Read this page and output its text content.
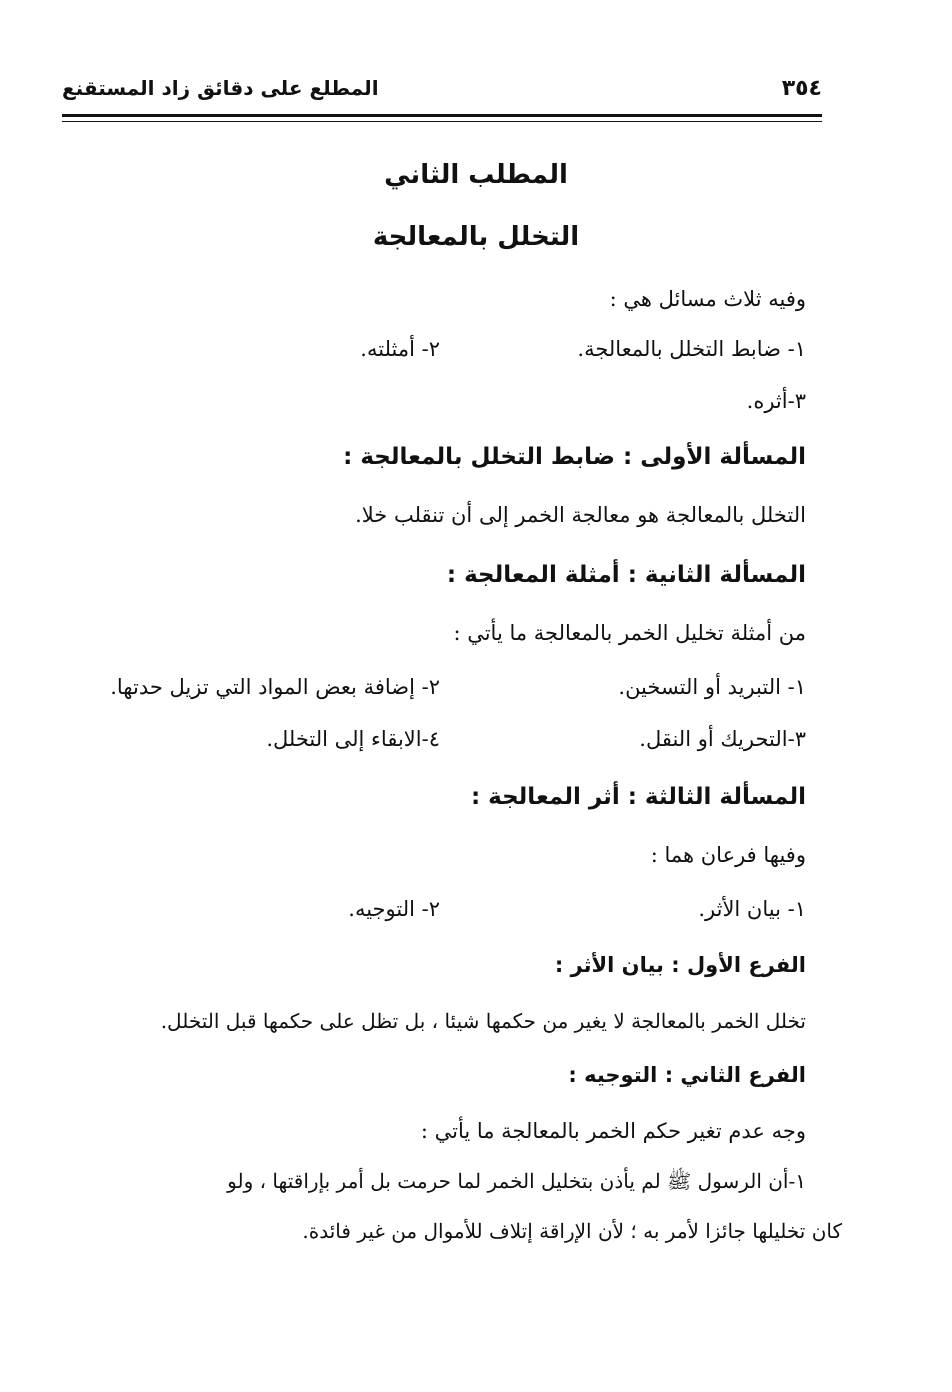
٣٥٤
المطلع على دقائق زاد المستقنع
المطلب الثاني
التخلل بالمعالجة
وفيه ثلاث مسائل هي :
١- ضابط التخلل بالمعالجة.
٢- أمثلته.
٣-أثره.
المسألة الأولى : ضابط التخلل بالمعالجة :
التخلل بالمعالجة هو معالجة الخمر إلى أن تنقلب خلا.
المسألة الثانية : أمثلة المعالجة :
من أمثلة تخليل الخمر بالمعالجة ما يأتي :
١- التبريد أو التسخين.
٢- إضافة بعض المواد التي تزيل حدتها.
٣-التحريك أو النقل.
٤-الابقاء إلى التخلل.
المسألة الثالثة : أثر المعالجة :
وفيها فرعان هما :
١- بيان الأثر.
٢- التوجيه.
الفرع الأول : بيان الأثر :
تخلل الخمر بالمعالجة لا يغير من حكمها شيئا ، بل تظل على حكمها قبل التخلل.
الفرع الثاني : التوجيه :
وجه عدم تغير حكم الخمر بالمعالجة ما يأتي :
١-أن الرسول ﷺ لم يأذن بتخليل الخمر لما حرمت بل أمر بإراقتها ، ولو
كان تخليلها جائزا لأمر به ؛ لأن الإراقة إتلاف للأموال من غير فائدة.
